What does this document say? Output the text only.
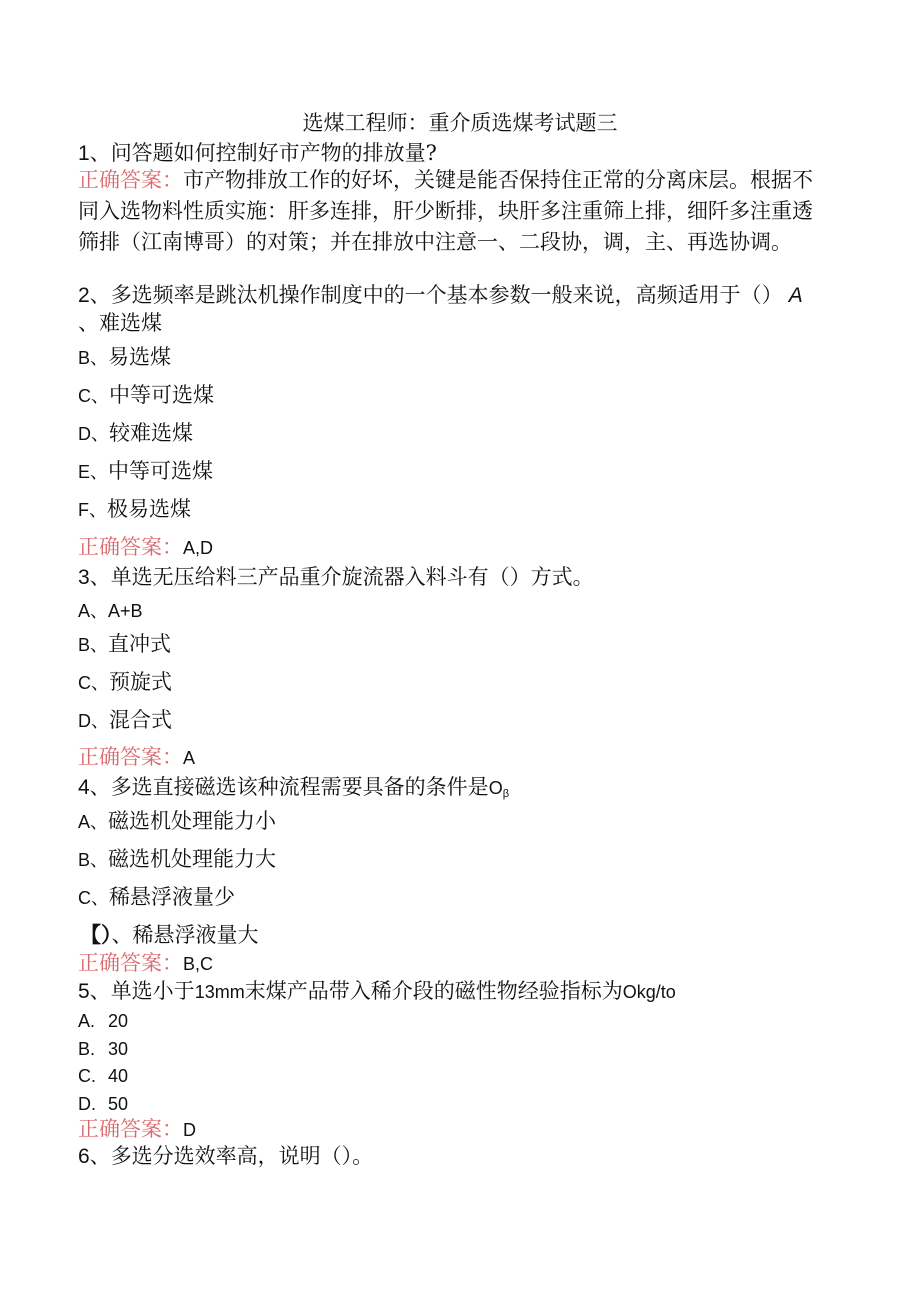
选煤工程师：重介质选煤考试题三
1、问答题如何控制好市产物的排放量?
正确答案：市产物排放工作的好坏，关键是能否保持住正常的分离床层。根据不同入选物料性质实施：肝多连排，肝少断排，块肝多注重筛上排，细阡多注重透筛排（江南博哥）的对策；并在排放中注意一、二段协，调，主、再选协调。
2、多选频率是跳汰机操作制度中的一个基本参数一般来说，高频适用于（） A
、难选煤
B、易选煤
C、中等可选煤
D、较难选煤
E、中等可选煤
F、极易选煤
正确答案：A,D
3、单选无压给料三产品重介旋流器入料斗有（）方式。
A、A+B
B、直冲式
C、预旋式
D、混合式
正确答案：A
4、多选直接磁选该种流程需要具备的条件是Oβ
A、磁选机处理能力小
B、磁选机处理能力大
C、稀悬浮液量少
【）、稀悬浮液量大
正确答案：B,C
5、单选小于13mm末煤产品带入稀介段的磁性物经验指标为Okg/to
A. 20
B. 30
C. 40
D. 50
正确答案：D
6、多选分选效率高，说明（）。
